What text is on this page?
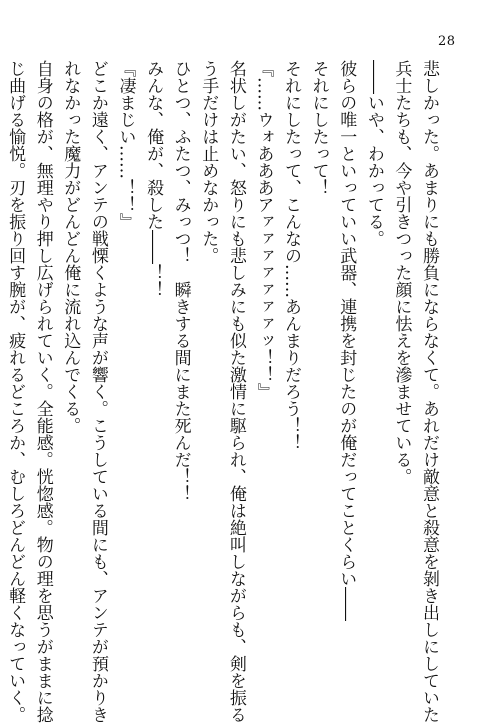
28
悲しかった。あまりにも勝負にならなくて。あれだけ敵意と殺意を剝き出しにしていた
兵士たちも、今や引きつった顔に怯えを滲ませている。
――いや、わかってる。
彼らの唯一といっていい武器、連携を封じたのが俺だってことくらい――
それにしたって！
それにしたって、こんなの……あんまりだろう！！
『……ウォあああアァァァァァァァッ！！』
名状しがたい、怒りにも悲しみにも似た激情に駆られ、俺は絶叫しながらも、剣を振る
う手だけは止めなかった。
ひとつ、ふたつ、みっつ！　瞬きする間にまた死んだ！！
みんな、俺が、殺した――！！
『凄まじい……！！』
どこか遠く、アンテの戦慄くような声が響く。こうしている間にも、アンテが預かりき
れなかった魔力がどんどん俺に流れ込んでくる。
自身の格が、無理やり押し広げられていく。全能感。恍惚感。物の理を思うがままに捻
じ曲げる愉悦。刃を振り回す腕が、疲れるどころか、むしろどんどん軽くなっていく。
